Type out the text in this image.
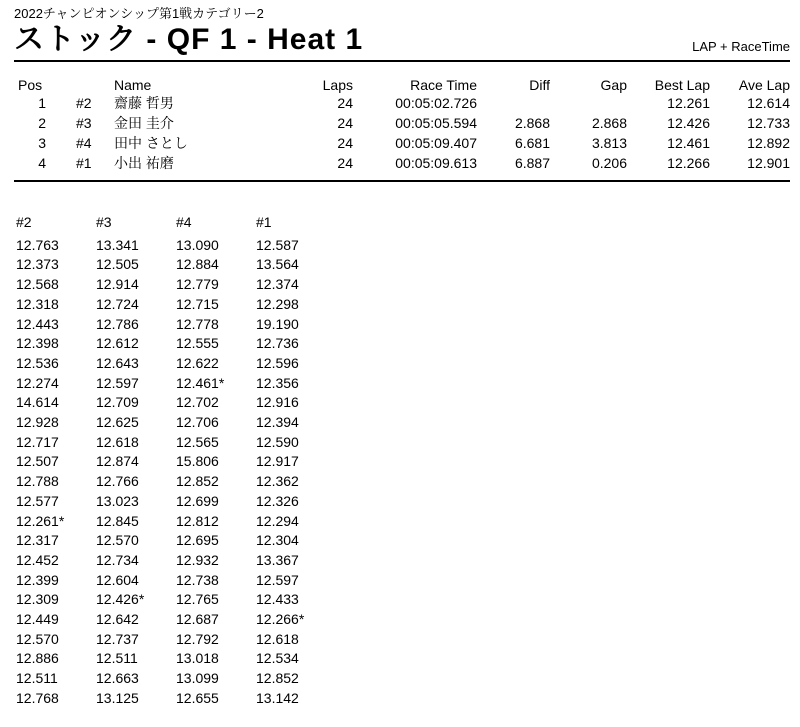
2022チャンピオンシップ第1戦カテゴリー2
ストック - QF 1 - Heat 1	LAP + RaceTime
Pos		Name	Laps	Race Time	Diff	Gap	Best Lap	Ave Lap
1	#2	齋藤 哲男	24	00:05:02.726			12.261	12.614
2	#3	金田 圭介	24	00:05:05.594	2.868	2.868	12.426	12.733
3	#4	田中 さとし	24	00:05:09.407	6.681	3.813	12.461	12.892
4	#1	小出 祐磨	24	00:05:09.613	6.887	0.206	12.266	12.901
#2	#3	#4	#1
12.763	13.341	13.090	12.587
12.373	12.505	12.884	13.564
12.568	12.914	12.779	12.374
12.318	12.724	12.715	12.298
12.443	12.786	12.778	19.190
12.398	12.612	12.555	12.736
12.536	12.643	12.622	12.596
12.274	12.597	12.461*	12.356
14.614	12.709	12.702	12.916
12.928	12.625	12.706	12.394
12.717	12.618	12.565	12.590
12.507	12.874	15.806	12.917
12.788	12.766	12.852	12.362
12.577	13.023	12.699	12.326
12.261*	12.845	12.812	12.294
12.317	12.570	12.695	12.304
12.452	12.734	12.932	13.367
12.399	12.604	12.738	12.597
12.309	12.426*	12.765	12.433
12.449	12.642	12.687	12.266*
12.570	12.737	12.792	12.618
12.886	12.511	13.018	12.534
12.511	12.663	13.099	12.852
12.768	13.125	12.655	13.142
